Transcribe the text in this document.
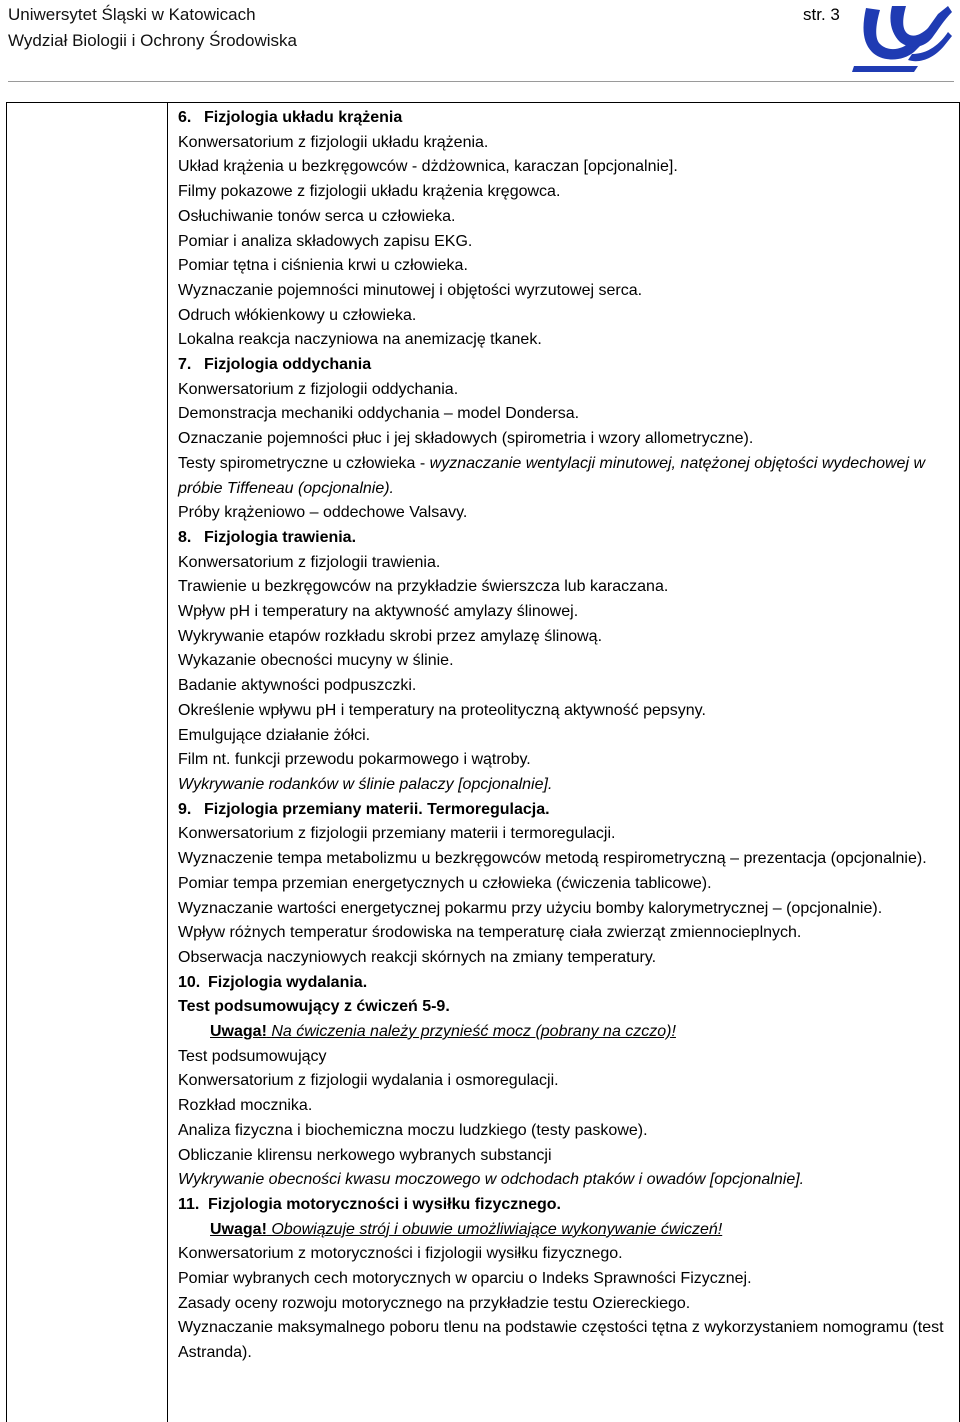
Uniwersytet Śląski w Katowicach
Wydział Biologii i Ochrony Środowiska
str. 3
6. Fizjologia układu krążenia
Konwersatorium z fizjologii układu krążenia.
Układ krążenia u bezkręgowców - dżdżownica, karaczan [opcjonalnie].
Filmy pokazowe z fizjologii układu krążenia kręgowca.
Osłuchiwanie tonów serca u człowieka.
Pomiar i analiza składowych zapisu EKG.
Pomiar tętna i ciśnienia krwi u człowieka.
Wyznaczanie pojemności minutowej i objętości wyrzutowej serca.
Odruch włókienkowy u człowieka.
Lokalna reakcja naczyniowa na anemizację tkanek.
7. Fizjologia oddychania
Konwersatorium z fizjologii oddychania.
Demonstracja mechaniki oddychania – model Dondersa.
Oznaczanie pojemności płuc i jej składowych (spirometria i wzory allometryczne).
Testy spirometryczne u człowieka - wyznaczanie wentylacji minutowej, natężonej objętości wydechowej w próbie Tiffeneau (opcjonalnie).
Próby krążeniowo – oddechowe Valsavy.
8. Fizjologia trawienia.
Konwersatorium z fizjologii trawienia.
Trawienie u bezkręgowców na przykładzie świerszcza lub karaczana.
Wpływ pH i temperatury na aktywność amylazy ślinowej.
Wykrywanie etapów rozkładu skrobi przez amylazę ślinową.
Wykazanie obecności mucyny w ślinie.
Badanie aktywności podpuszczki.
Określenie wpływu pH i temperatury na proteolityczną aktywność pepsyny.
Emulgujące działanie żółci.
Film nt. funkcji przewodu pokarmowego i wątroby.
Wykrywanie rodanków w ślinie palaczy [opcjonalnie].
9. Fizjologia przemiany materii. Termoregulacja.
Konwersatorium z fizjologii przemiany materii i termoregulacji.
Wyznaczenie tempa metabolizmu u bezkręgowców metodą respirometryczną – prezentacja (opcjonalnie).
Pomiar tempa przemian energetycznych u człowieka (ćwiczenia tablicowe).
Wyznaczanie wartości energetycznej pokarmu przy użyciu bomby kalorymetrycznej – (opcjonalnie).
Wpływ różnych temperatur środowiska na temperaturę ciała zwierząt zmiennocieplnych.
Obserwacja naczyniowych reakcji skórnych na zmiany temperatury.
10. Fizjologia wydalania.
Test podsumowujący z ćwiczeń 5-9.
Uwaga! Na ćwiczenia należy przynieść mocz (pobrany na czczo)!
Test podsumowujący
Konwersatorium z fizjologii wydalania i osmoregulacji.
Rozkład mocznika.
Analiza fizyczna i biochemiczna moczu ludzkiego (testy paskowe).
Obliczanie klirensu nerkowego wybranych substancji
Wykrywanie obecności kwasu moczowego w odchodach ptaków i owadów [opcjonalnie].
11. Fizjologia motoryczności i wysiłku fizycznego.
Uwaga! Obowiązuje strój i obuwie umożliwiające wykonywanie ćwiczeń!
Konwersatorium z motoryczności i fizjologii wysiłku fizycznego.
Pomiar wybranych cech motorycznych w oparciu o Indeks Sprawności Fizycznej.
Zasady oceny rozwoju motorycznego na przykładzie testu Oziereckiego.
Wyznaczanie maksymalnego poboru tlenu na podstawie częstości tętna z wykorzystaniem nomogramu (test Astranda).
